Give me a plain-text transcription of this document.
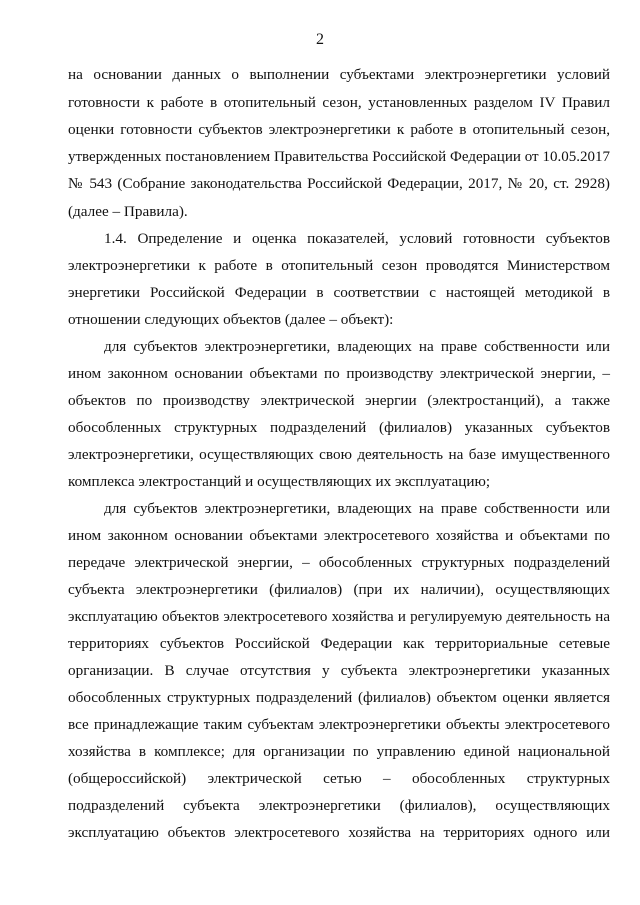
2
на основании данных о выполнении субъектами электроэнергетики условий
готовности к работе в отопительный сезон, установленных разделом IV Правил
оценки готовности субъектов электроэнергетики к работе в отопительный сезон,
утвержденных постановлением Правительства Российской Федерации от 10.05.2017
№ 543 (Собрание законодательства Российской Федерации, 2017, № 20, ст. 2928)
(далее – Правила).
1.4. Определение и оценка показателей, условий готовности субъектов
электроэнергетики к работе в отопительный сезон проводятся Министерством
энергетики Российской Федерации в соответствии с настоящей методикой в
отношении следующих объектов (далее – объект):
для субъектов электроэнергетики, владеющих на праве собственности или
ином законном основании объектами по производству электрической энергии, –
объектов по производству электрической энергии (электростанций), а также
обособленных структурных подразделений (филиалов) указанных субъектов
электроэнергетики, осуществляющих свою деятельность на базе имущественного
комплекса электростанций и осуществляющих их эксплуатацию;
для субъектов электроэнергетики, владеющих на праве собственности или
ином законном основании объектами электросетевого хозяйства и объектами по
передаче электрической энергии, – обособленных структурных подразделений
субъекта электроэнергетики (филиалов) (при их наличии), осуществляющих
эксплуатацию объектов электросетевого хозяйства и регулируемую деятельность на
территориях субъектов Российской Федерации как территориальные сетевые
организации. В случае отсутствия у субъекта электроэнергетики указанных
обособленных структурных подразделений (филиалов) объектом оценки является
все принадлежащие таким субъектам электроэнергетики объекты электросетевого
хозяйства в комплексе; для организации по управлению единой национальной
(общероссийской) электрической сетью – обособленных структурных
подразделений субъекта электроэнергетики (филиалов), осуществляющих
эксплуатацию объектов электросетевого хозяйства на территориях одного или
